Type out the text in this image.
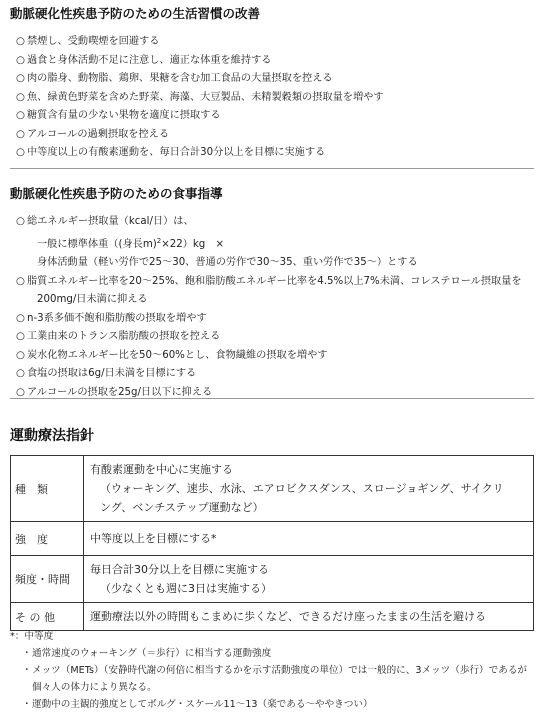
動脈硬化性疾患予防のための生活習慣の改善
○ 禁煙し、受動喫煙を回避する
○ 過食と身体活動不足に注意し、適正な体重を維持する
○ 肉の脂身、動物脂、鶏卵、果糖を含む加工食品の大量摂取を控える
○ 魚、緑黄色野菜を含めた野菜、海藻、大豆製品、未精製穀類の摂取量を増やす
○ 糖質含有量の少ない果物を適度に摂取する
○ アルコールの過剰摂取を控える
○ 中等度以上の有酸素運動を、毎日合計30分以上を目標に実施する
動脈硬化性疾患予防のための食事指導
○ 総エネルギー摂取量（kcal/日）は、
一般に標準体重（(身長m)$^2$×22）kg　×
身体活動量（軽い労作で25～30、普通の労作で30～35、重い労作で35～）とする
○ 脂質エネルギー比率を20～25%、飽和脂肪酸エネルギー比率を4.5%以上7%未満、コレステロール摂取量を
200mg/日未満に抑える
○ n-3系多価不飽和脂肪酸の摂取を増やす
○ 工業由来のトランス脂肪酸の摂取を控える
○ 炭水化物エネルギー比を50～60%とし、食物繊維の摂取を増やす
○ 食塩の摂取は6g/日未満を目標にする
○ アルコールの摂取を25g/日以下に抑える
運動療法指針
種　類	有酸素運動を中心に実施する
（ウォーキング、速歩、水泳、エアロビクスダンス、スロージョギング、サイクリ
ング、ベンチステップ運動など）

強　度	中等度以上を目標にする*
頻度・時間	毎日合計30分以上を目標に実施する
（少なくとも週に3日は実施する）

そ の 他	運動療法以外の時間もこまめに歩くなど、できるだけ座ったままの生活を避ける
*：中等度
・ 通常速度のウォーキング（＝歩行）に相当する運動強度
・ メッツ（METs）（安静時代謝の何倍に相当するかを示す活動強度の単位）では一般的に、3メッツ（歩行）であるが個々人の体力により異なる。
・ 運動中の主観的強度としてボルグ・スケール11～13（楽である～ややきつい）
